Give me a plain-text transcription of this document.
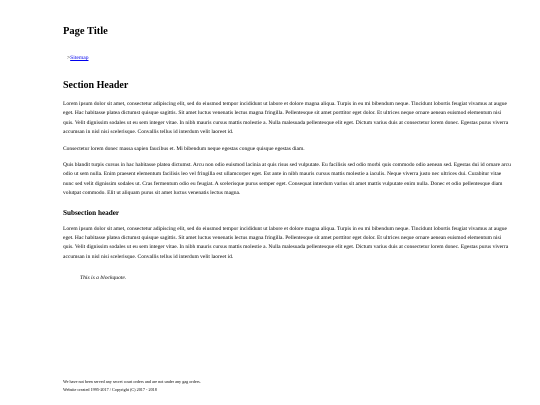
Page Title
>Sitemap
Section Header

Lorem ipsum dolor sit amet, consectetur adipiscing elit, sed do eiusmod tempor incididunt ut labore et dolore magna aliqua. Turpis in eu mi bibendum neque. Tincidunt lobortis feugiat vivamus at augue eget. Hac habitasse platea dictumst quisque sagittis. Sit amet luctus venenatis lectus magna fringilla. Pellentesque sit amet porttitor eget dolor. Et ultrices neque ornare aenean euismod elementum nisi quis. Velit dignissim sodales ut eu sem integer vitae. In nibh mauris cursus mattis molestie a. Nulla malesuada pellentesque elit eget. Dictum varius duis at consectetur lorem donec. Egestas purus viverra accumsan in nisl nisi scelerisque. Convallis tellus id interdum velit laoreet id.

Consectetur lorem donec massa sapien faucibus et. Mi bibendum neque egestas congue quisque egestas diam.

Quis blandit turpis cursus in hac habitasse platea dictumst. Arcu non odio euismod lacinia at quis risus sed vulputate. Eu facilisis sed odio morbi quis commodo odio aenean sed. Egestas dui id ornare arcu odio ut sem nulla. Enim praesent elementum facilisis leo vel fringilla est ullamcorper eget. Est ante in nibh mauris cursus mattis molestie a iaculis. Neque viverra justo nec ultrices dui. Curabitur vitae nunc sed velit dignissim sodales ut. Cras fermentum odio eu feugiat. A scelerisque purus semper eget. Consequat interdum varius sit amet mattis vulputate enim nulla. Donec et odio pellentesque diam volutpat commodo. Elit ut aliquam purus sit amet luctus venenatis lectus magna.

Subsection header

Lorem ipsum dolor sit amet, consectetur adipiscing elit, sed do eiusmod tempor incididunt ut labore et dolore magna aliqua. Turpis in eu mi bibendum neque. Tincidunt lobortis feugiat vivamus at augue eget. Hac habitasse platea dictumst quisque sagittis. Sit amet luctus venenatis lectus magna fringilla. Pellentesque sit amet porttitor eget dolor. Et ultrices neque ornare aenean euismod elementum nisi quis. Velit dignissim sodales ut eu sem integer vitae. In nibh mauris cursus mattis molestie a. Nulla malesuada pellentesque elit eget. Dictum varius duis at consectetur lorem donec. Egestas purus viverra accumsan in nisl nisi scelerisque. Convallis tellus id interdum velit laoreet id.

This is a blockquote.

We have not been served any secret court orders and are not under any gag orders.

Website created 1995-2017 / Copyright (C) 2017 - 2018
